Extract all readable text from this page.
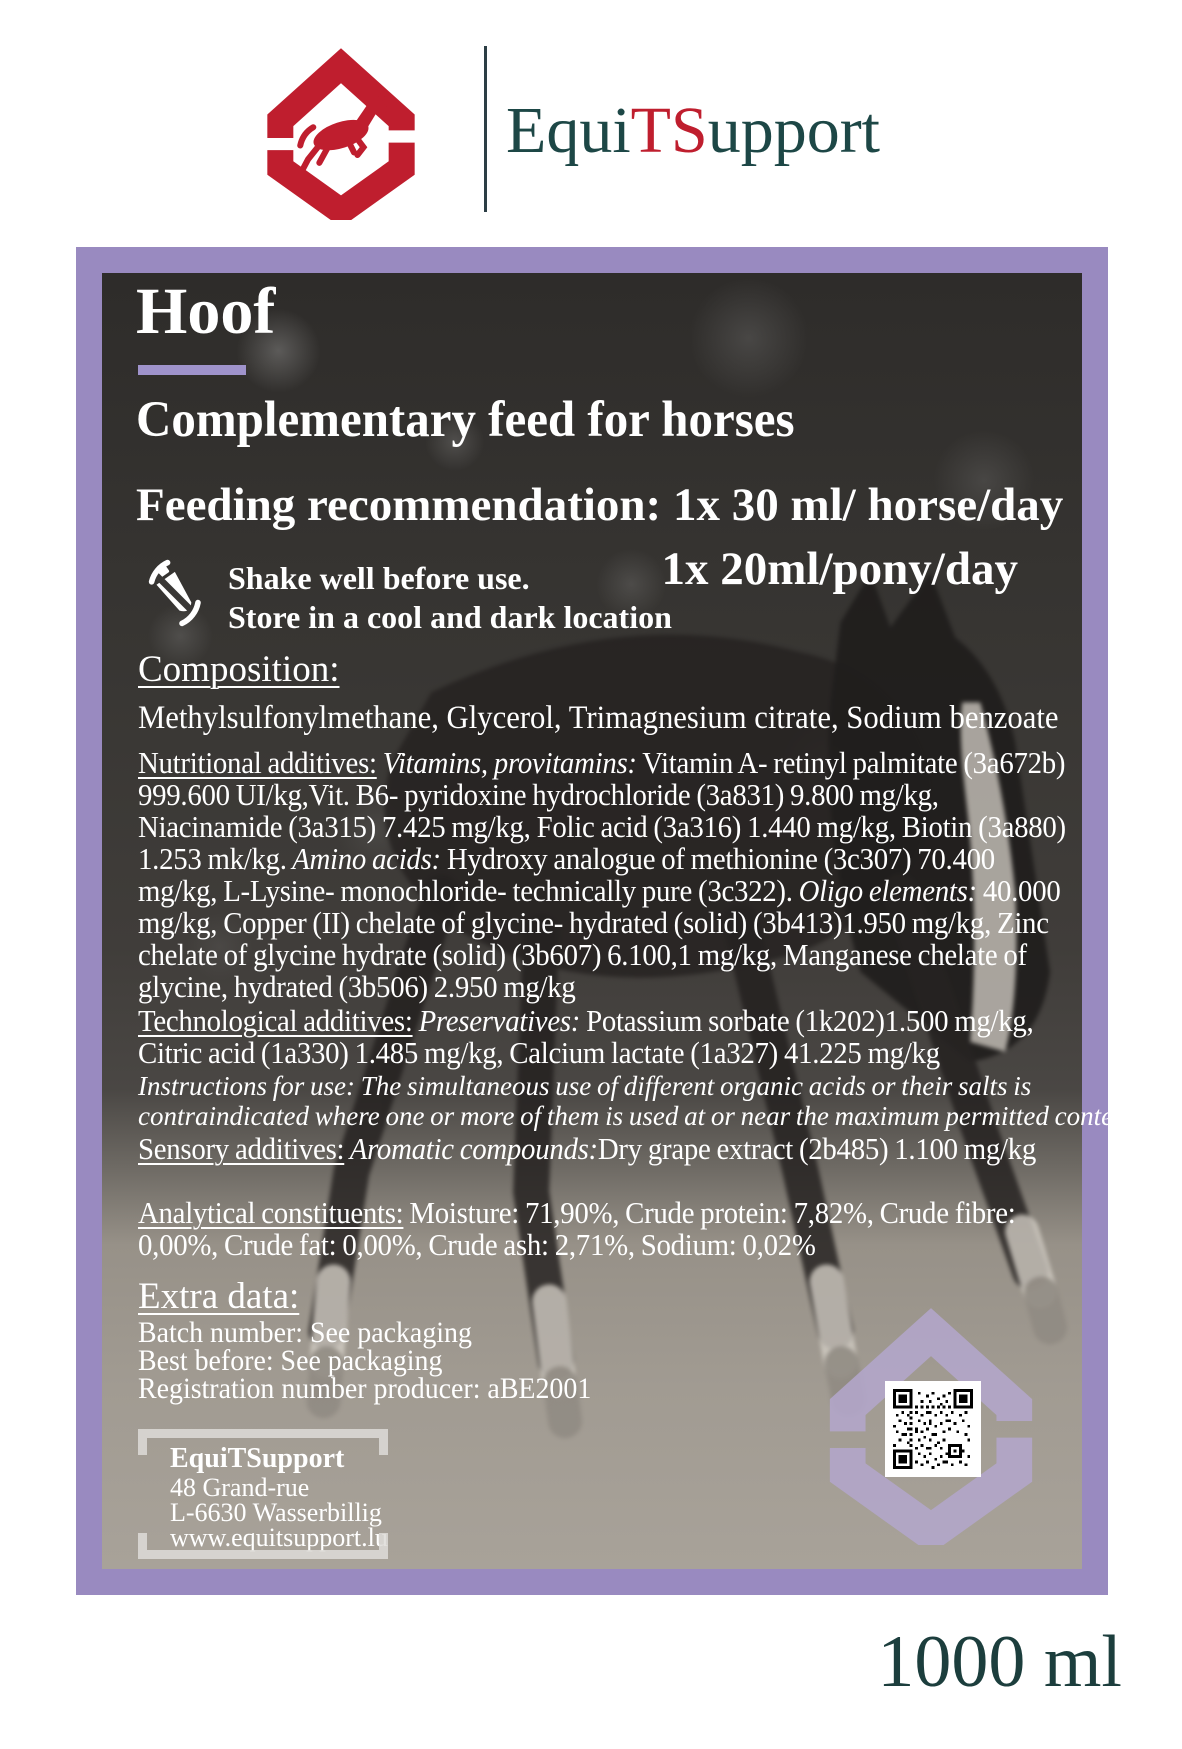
EquiTSupport
Hoof
Complementary feed for horses
Feeding recommendation: 1x 30 ml/ horse/day
1x 20ml/pony/day
Shake well before use.
Store in a cool and dark location
Composition:
Methylsulfonylmethane, Glycerol, Trimagnesium citrate, Sodium benzoate
Nutritional additives: Vitamins, provitamins: Vitamin A- retinyl palmitate (3a672b) 999.600 UI/kg,Vit. B6- pyridoxine hydrochloride (3a831) 9.800 mg/kg, Niacinamide (3a315) 7.425 mg/kg, Folic acid (3a316) 1.440 mg/kg, Biotin (3a880) 1.253 mk/kg. Amino acids: Hydroxy analogue of methionine (3c307) 70.400 mg/kg, L-Lysine- monochloride- technically pure (3c322). Oligo elements: 40.000 mg/kg, Copper (II) chelate of glycine- hydrated (solid) (3b413)1.950 mg/kg, Zinc chelate of glycine hydrate (solid) (3b607) 6.100,1 mg/kg, Manganese chelate of glycine, hydrated (3b506) 2.950 mg/kg
Technological additives: Preservatives: Potassium sorbate (1k202)1.500 mg/kg, Citric acid (1a330) 1.485 mg/kg, Calcium lactate (1a327) 41.225 mg/kg
Instructions for use: The simultaneous use of different organic acids or their salts is contraindicated where one or more of them is used at or near the maximum permitted content.
Sensory additives: Aromatic compounds:Dry grape extract (2b485) 1.100 mg/kg
Analytical constituents: Moisture: 71,90%, Crude protein: 7,82%, Crude fibre: 0,00%, Crude fat: 0,00%, Crude ash: 2,71%, Sodium: 0,02%
Extra data:
Batch number: See packaging
Best before: See packaging
Registration number producer: aBE2001
EquiTSupport
48 Grand-rue
L-6630 Wasserbillig
www.equitsupport.lu
1000 ml
